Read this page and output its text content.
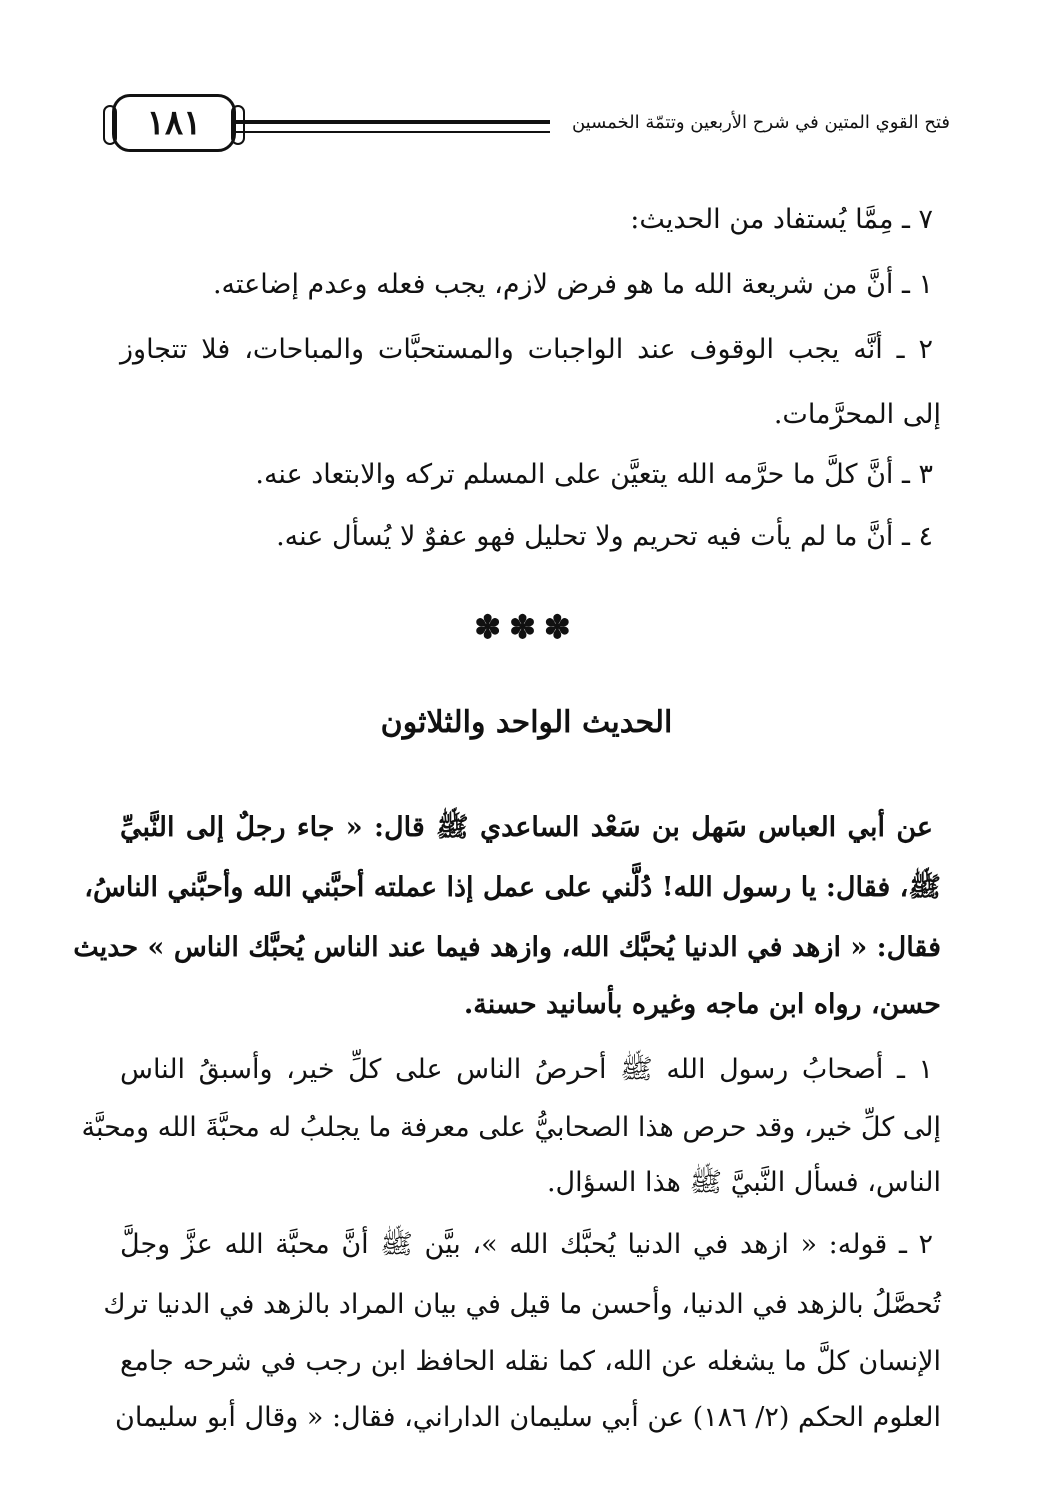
فتح القوي المتين في شرح الأربعين وتتمّة الخمسين
١٨١
٧ ـ مِمَّا يُستفاد من الحديث:
١ ـ أنَّ من شريعة الله ما هو فرض لازم، يجب فعله وعدم إضاعته.
٢ ـ أنَّه يجب الوقوف عند الواجبات والمستحبَّات والمباحات، فلا تتجاوز
إلى المحرَّمات.
٣ ـ أنَّ كلَّ ما حرَّمه الله يتعيَّن على المسلم تركه والابتعاد عنه.
٤ ـ أنَّ ما لم يأت فيه تحريم ولا تحليل فهو عفوٌ لا يُسأل عنه.
✽✽✽
الحديث الواحد والثلاثون
عن أبي العباس سَهل بن سَعْد الساعدي ﷺ قال: « جاء رجلٌ إلى النَّبيِّ
ﷺ، فقال: يا رسول الله! دُلَّني على عمل إذا عملته أحبَّني الله وأحبَّني الناسُ،
فقال: « ازهد في الدنيا يُحبَّك الله، وازهد فيما عند الناس يُحبَّك الناس » حديث
حسن، رواه ابن ماجه وغيره بأسانيد حسنة.
١ ـ أصحابُ رسول الله ﷺ أحرصُ الناس على كلِّ خير، وأسبقُ الناس
إلى كلِّ خير، وقد حرص هذا الصحابيُّ على معرفة ما يجلبُ له محبَّةَ الله ومحبَّة
الناس، فسأل النَّبيَّ ﷺ هذا السؤال.
٢ ـ قوله: « ازهد في الدنيا يُحبَّك الله »، بيَّن ﷺ أنَّ محبَّة الله عزَّ وجلَّ
تُحصَّلُ بالزهد في الدنيا، وأحسن ما قيل في بيان المراد بالزهد في الدنيا ترك
الإنسان كلَّ ما يشغله عن الله، كما نقله الحافظ ابن رجب في شرحه جامع
العلوم الحكم (٢/ ١٨٦) عن أبي سليمان الداراني، فقال: « وقال أبو سليمان
